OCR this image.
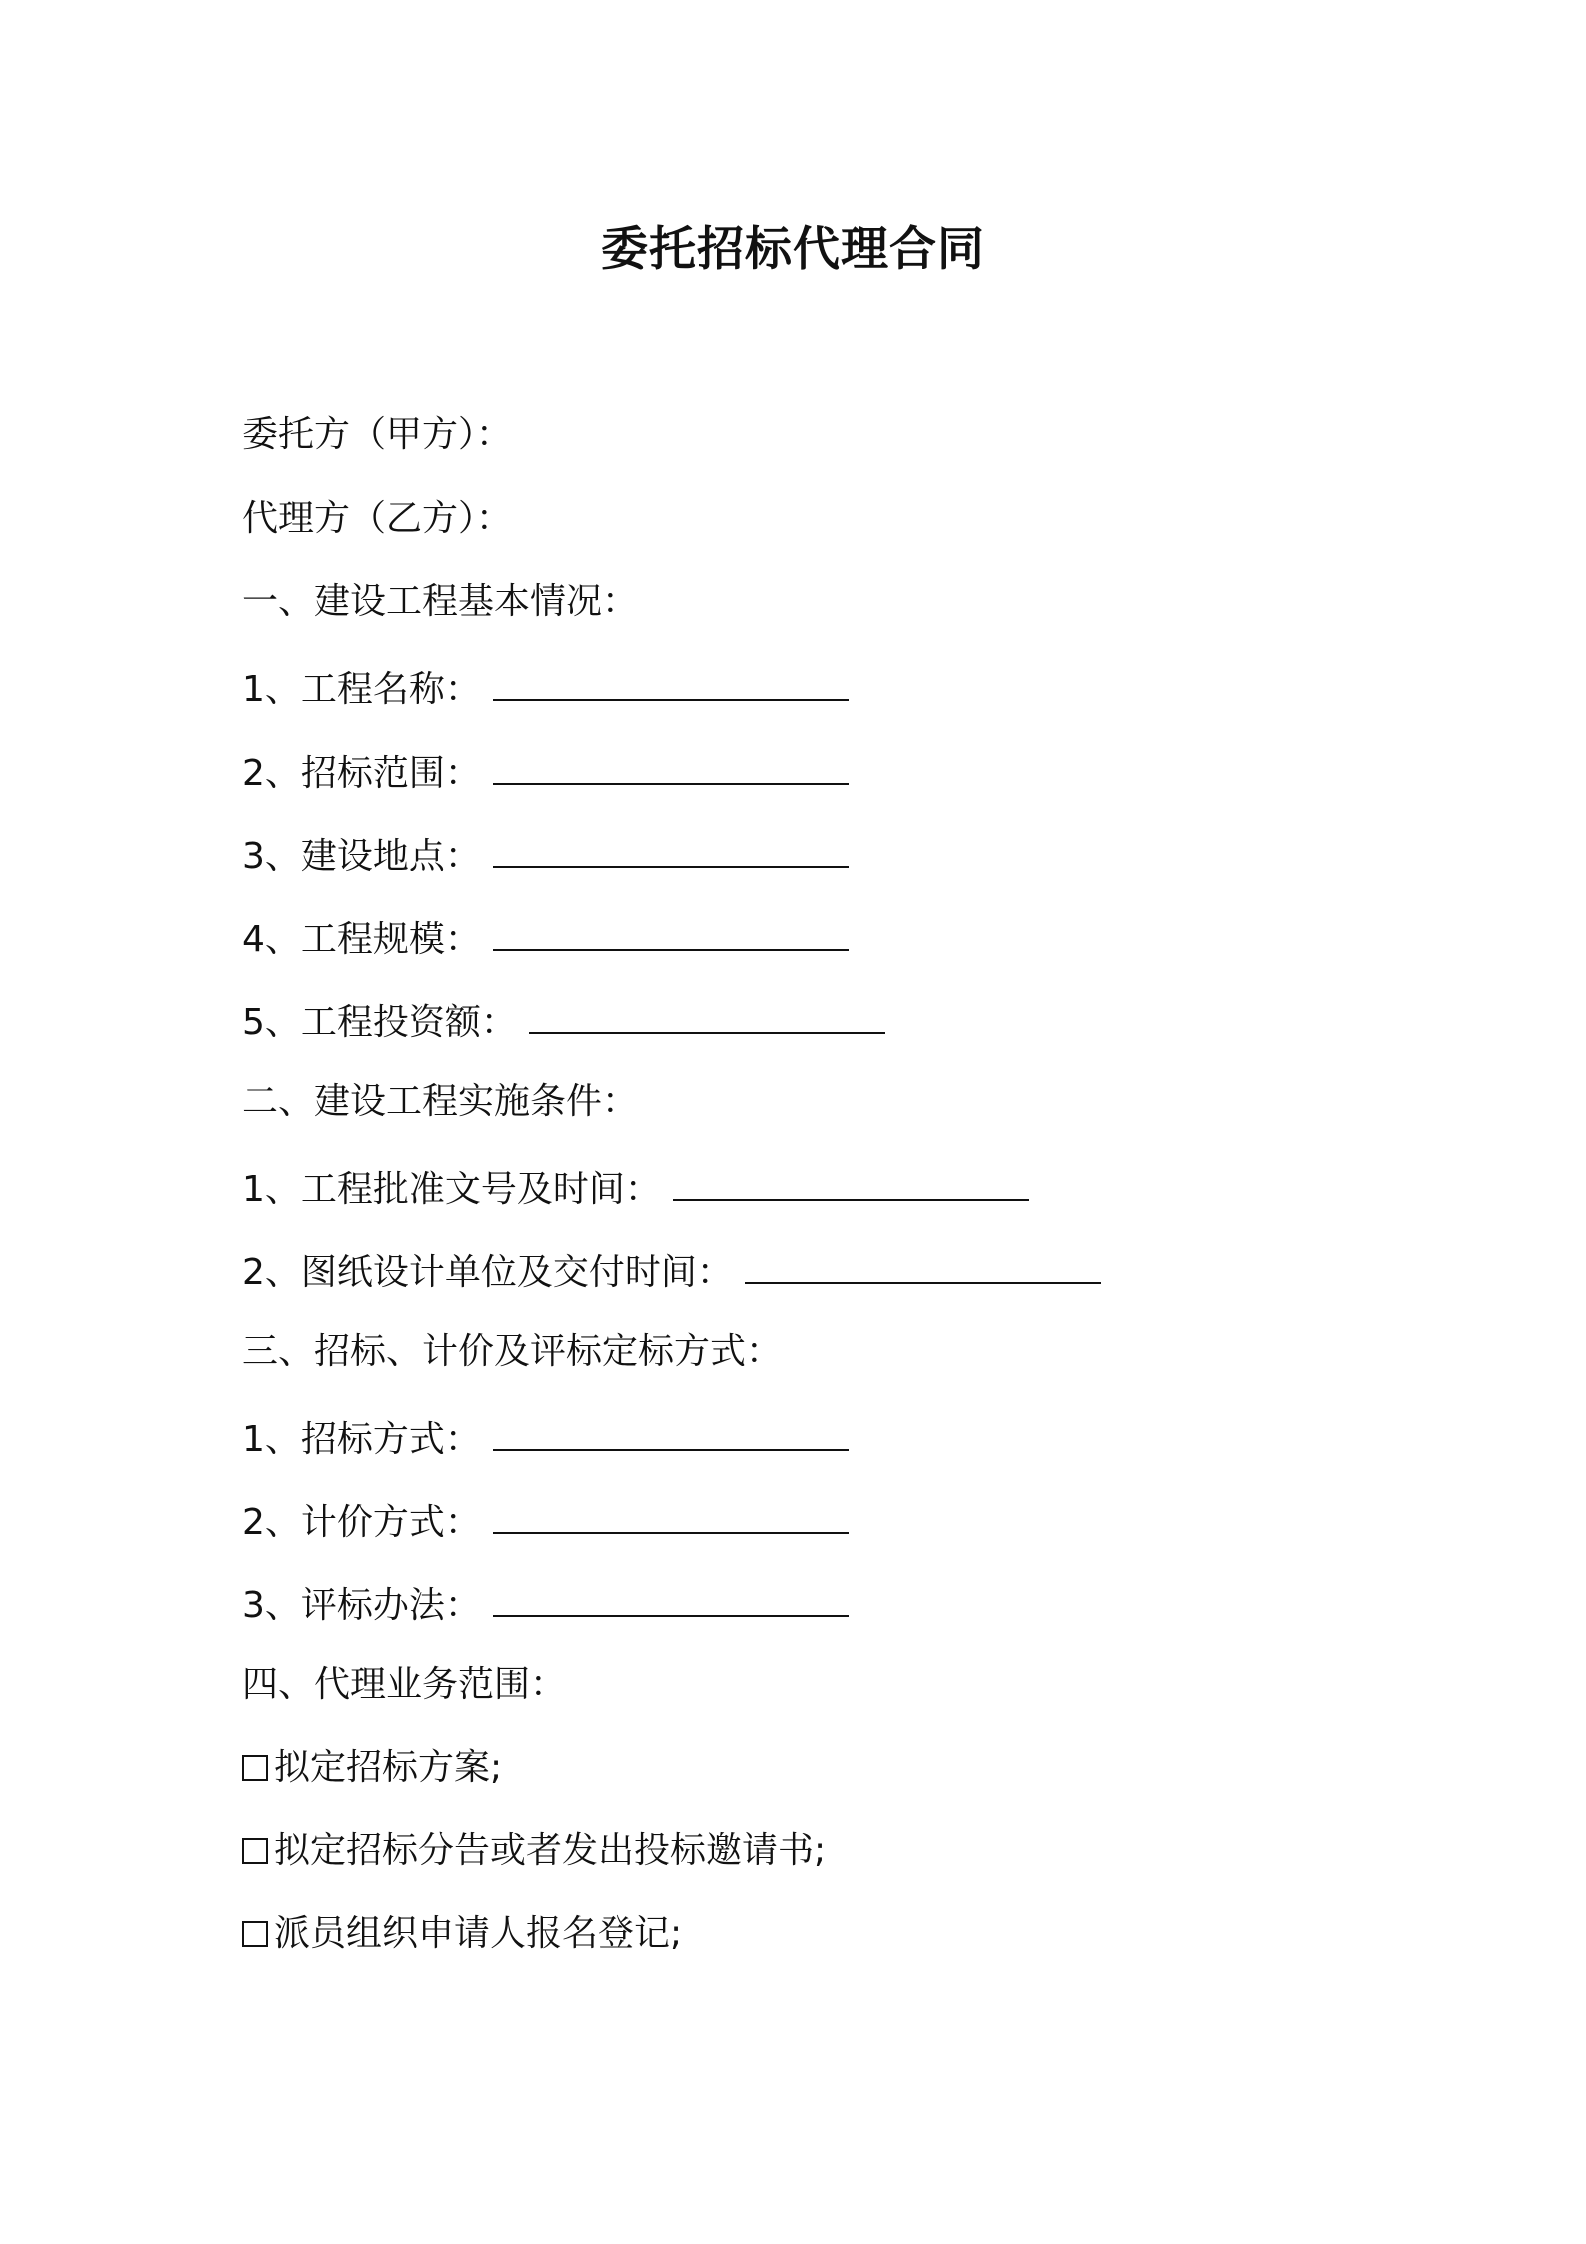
委托招标代理合同
委托方（甲方）：
代理方（乙方）：
一、建设工程基本情况：
1、工程名称：
2、招标范围：
3、建设地点：
4、工程规模：
5、工程投资额：
二、建设工程实施条件：
1、工程批准文号及时间：
2、图纸设计单位及交付时间：
三、招标、计价及评标定标方式：
1、招标方式：
2、计价方式：
3、评标办法：
四、代理业务范围：
拟定招标方案;
拟定招标分告或者发出投标邀请书;
派员组织申请人报名登记;
